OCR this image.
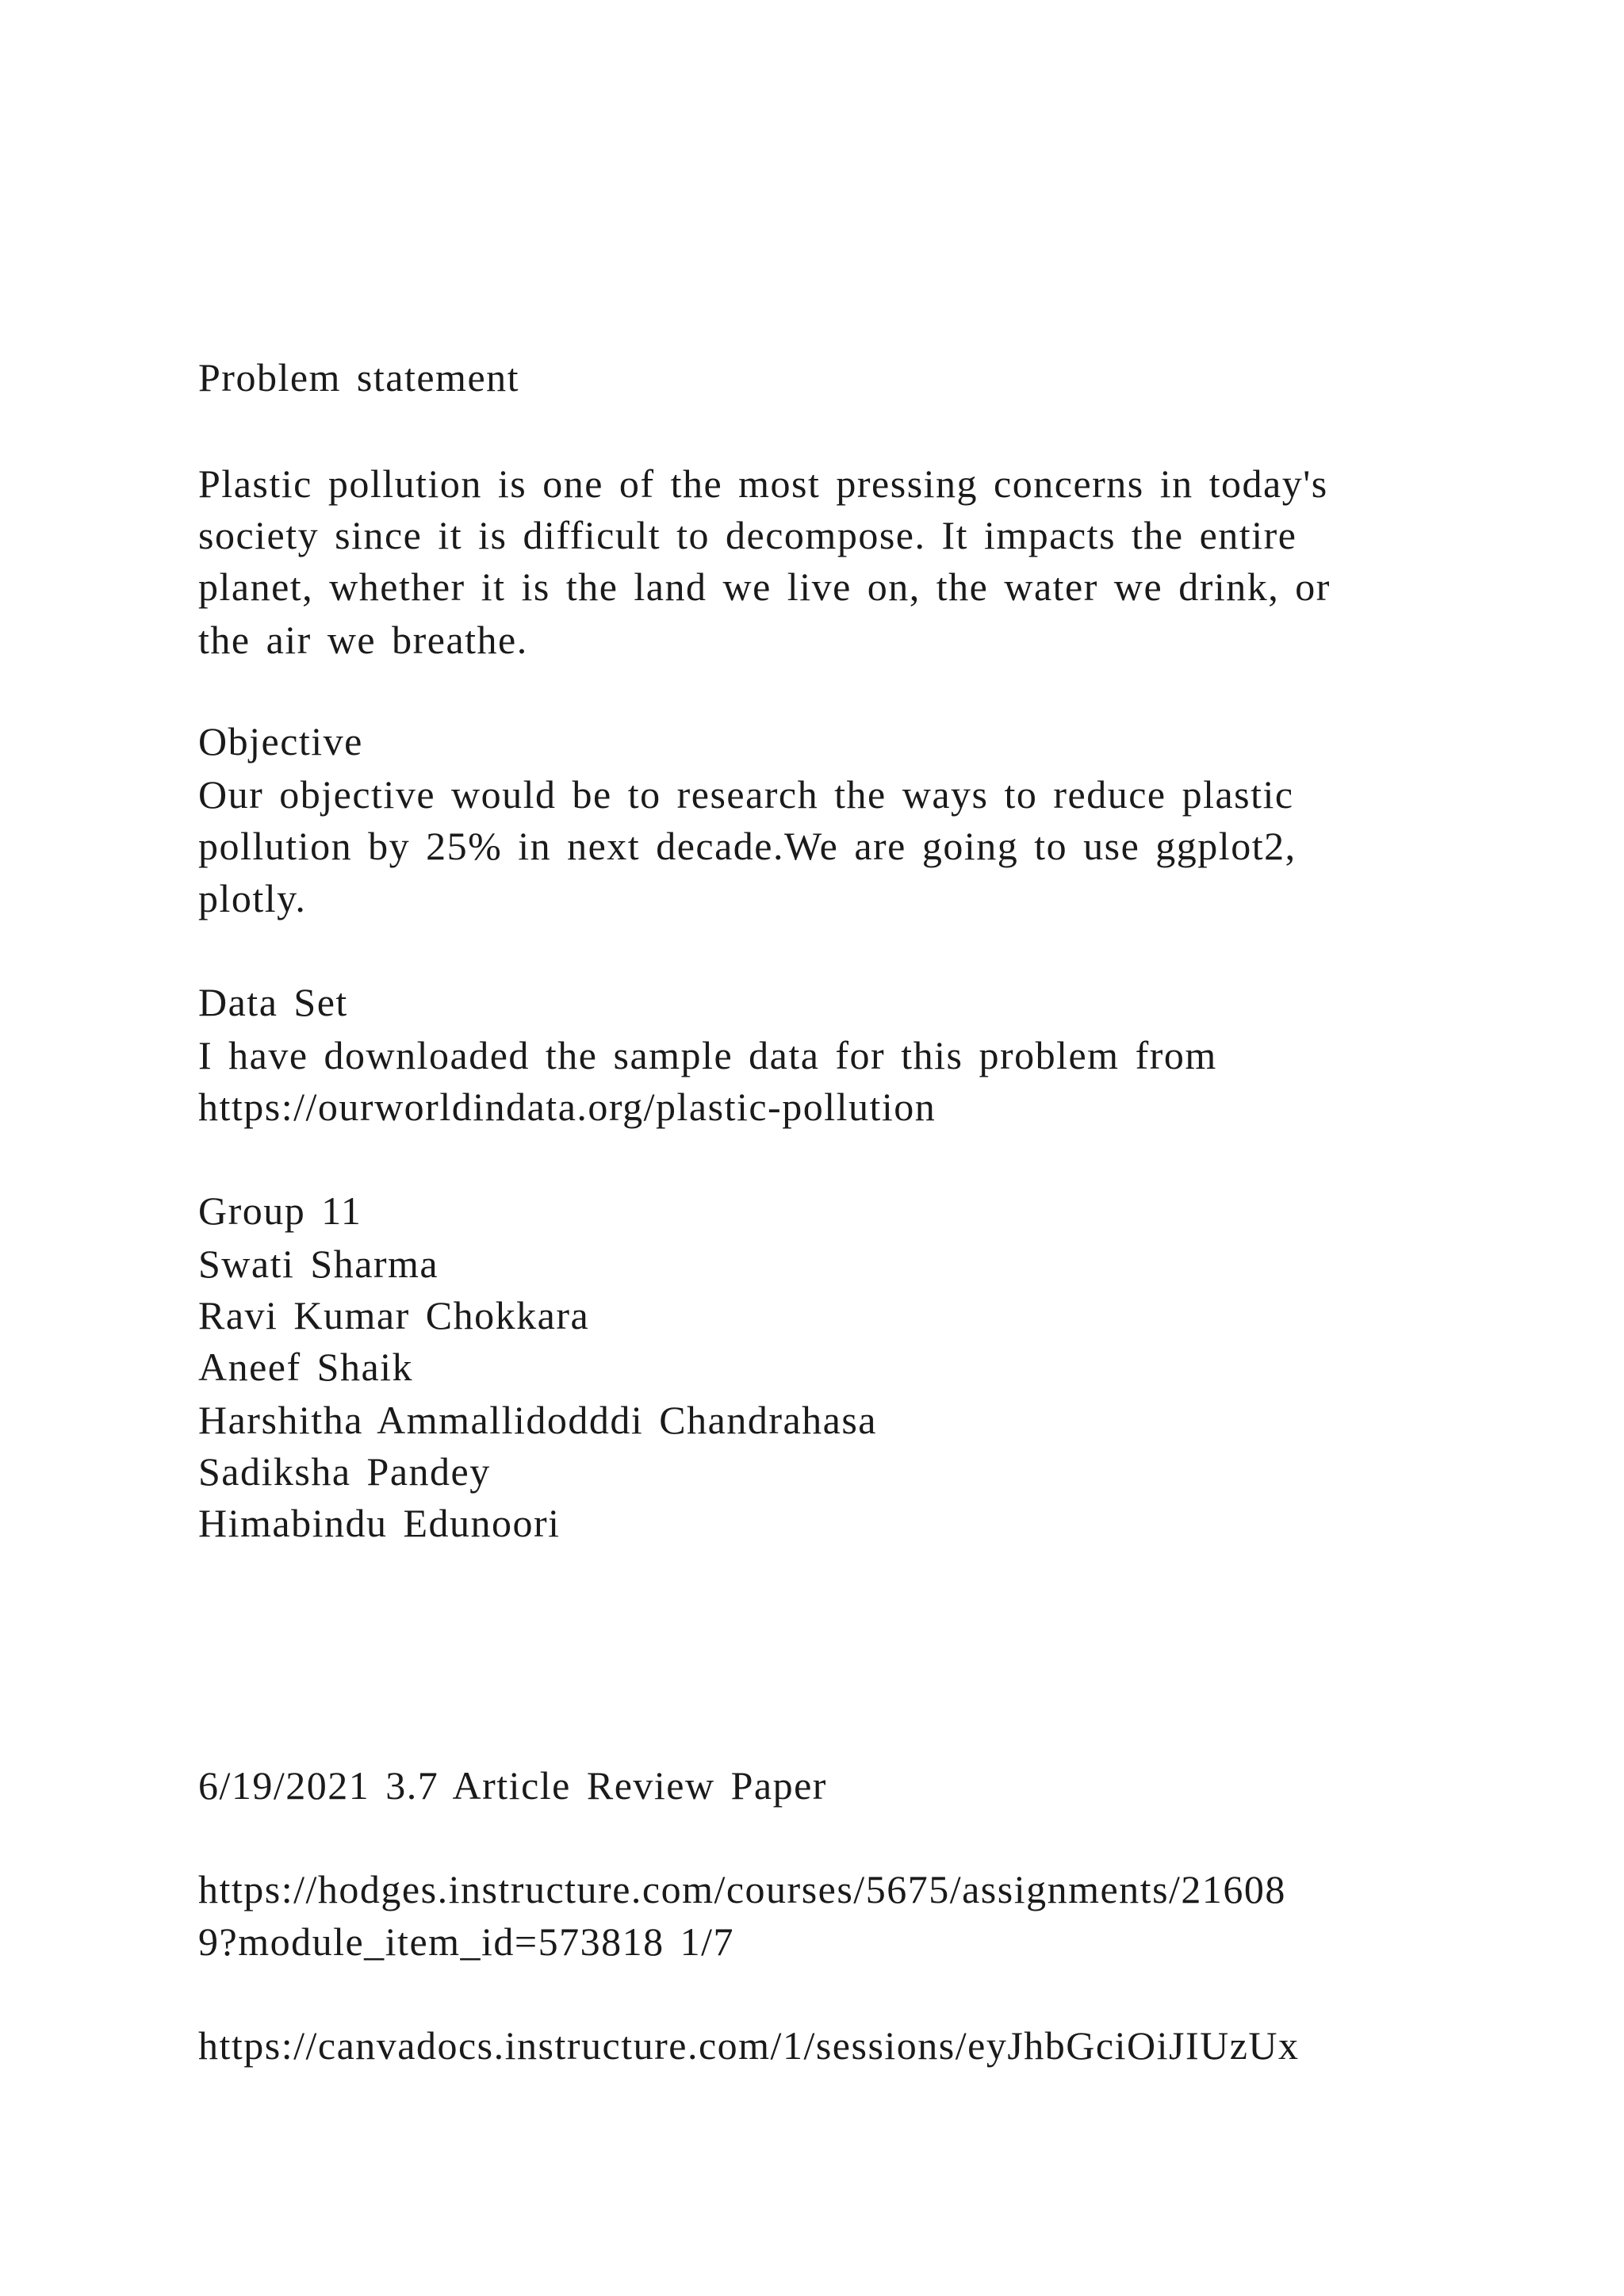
Problem statement
Plastic pollution is one of the most pressing concerns in today's
society since it is difficult to decompose. It impacts the entire
planet, whether it is the land we live on, the water we drink, or
the air we breathe.
Objective
Our objective would be to research the ways to reduce plastic
pollution by 25% in next decade.We are going to use ggplot2,
plotly.
Data Set
I have downloaded the sample data for this problem from
https://ourworldindata.org/plastic-pollution
Group 11
Swati Sharma
Ravi Kumar Chokkara
Aneef Shaik
Harshitha Ammallidodddi Chandrahasa
Sadiksha Pandey
Himabindu Edunoori
6/19/2021 3.7 Article Review Paper
https://hodges.instructure.com/courses/5675/assignments/21608
9?module_item_id=573818 1/7
https://canvadocs.instructure.com/1/sessions/eyJhbGciOiJIUzUx
